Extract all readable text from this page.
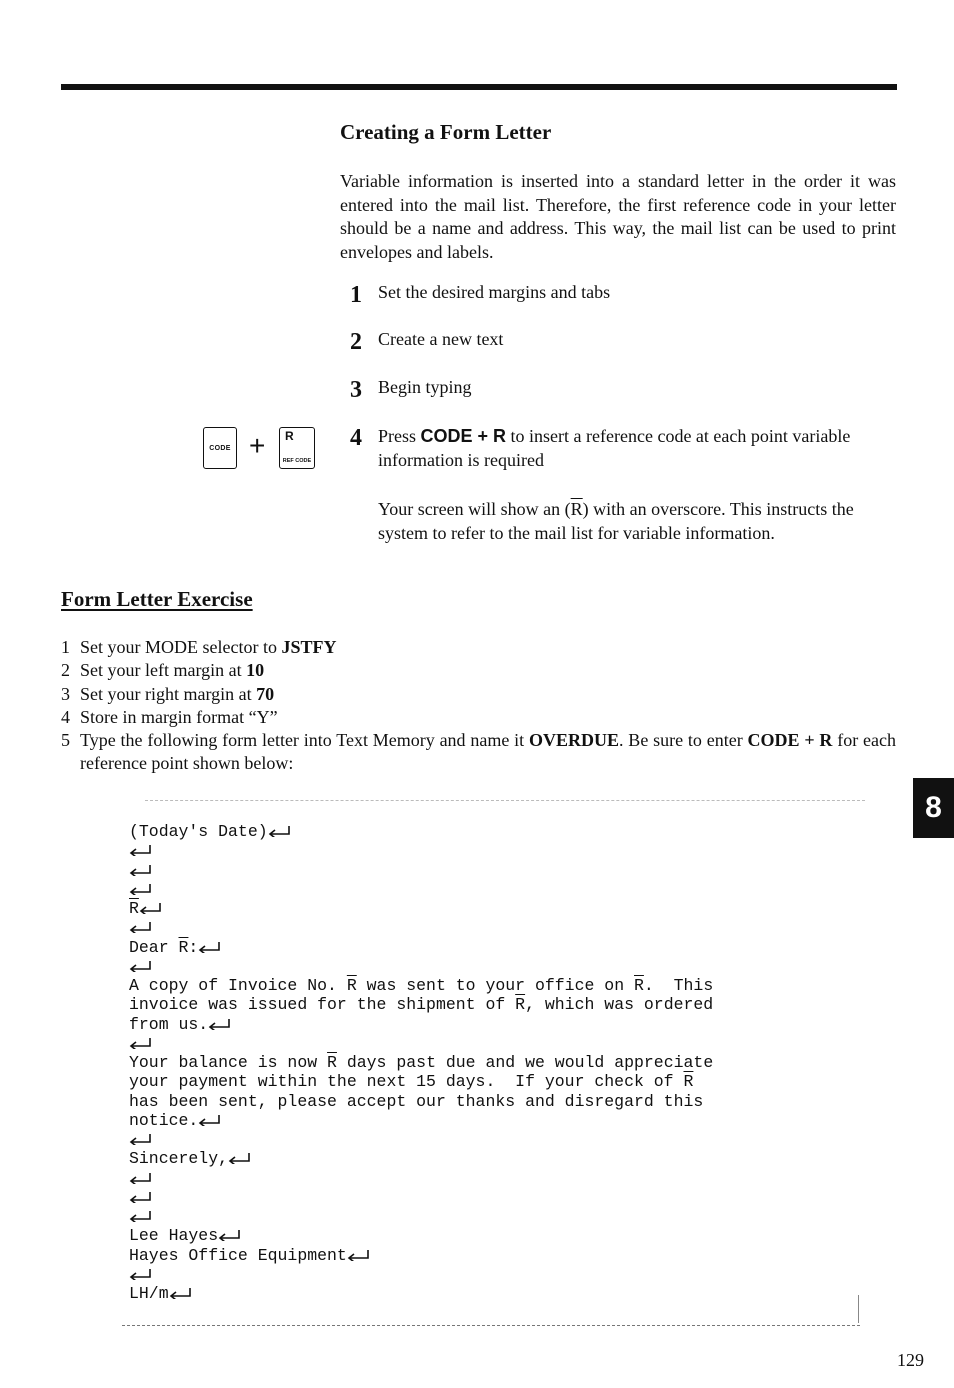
Creating a Form Letter
Variable information is inserted into a standard letter in the order it was entered into the mail list. Therefore, the first reference code in your letter should be a name and address. This way, the mail list can be used to print envelopes and labels.
1 Set the desired margins and tabs
2 Create a new text
3 Begin typing
4 Press CODE + R to insert a reference code at each point variable information is required
CODE + R
REF CODE
Your screen will show an $(\overline{R})$ with an overscore. This instructs the system to refer to the mail list for variable information.
Form Letter Exercise
1 Set your MODE selector to JSTFY
2 Set your left margin at 10
3 Set your right margin at 70
4 Store in margin format “Y”
5 Type the following form letter into Text Memory and name it OVERDUE. Be sure to enter CODE + R for each reference point shown below:
(Today's Date)
$\overline{R}$
Dear $\overline{R}$:
A copy of Invoice No. $\overline{R}$ was sent to your office on $\overline{R}$.  This
invoice was issued for the shipment of $\overline{R}$, which was ordered
from us.
Your balance is now $\overline{R}$ days past due and we would appreciate
your payment within the next 15 days.  If your check of $\overline{R}$
has been sent, please accept our thanks and disregard this
notice.
Sincerely,
Lee Hayes
Hayes Office Equipment
LH/m
8
129
